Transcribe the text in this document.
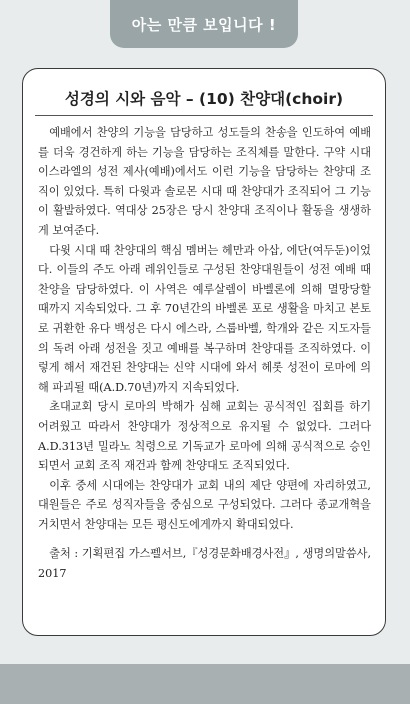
아는 만큼 보입니다 !
성경의 시와 음악 – (10) 찬양대(choir)

예배에서 찬양의 기능을 담당하고 성도들의 찬송을 인도하여 예배를 더욱 경건하게 하는 기능을 담당하는 조직체를 말한다. 구약 시대 이스라엘의 성전 제사(예배)에서도 이런 기능을 담당하는 찬양대 조직이 있었다. 특히 다윗과 솔로몬 시대 때 찬양대가 조직되어 그 기능이 활발하였다. 역대상 25장은 당시 찬양대 조직이나 활동을 생생하게 보여준다.

다윗 시대 때 찬양대의 핵심 멤버는 헤만과 아삽, 에단(여두둔)이었다. 이들의 주도 아래 레위인들로 구성된 찬양대원들이 성전 예배 때 찬양을 담당하였다. 이 사역은 예루살렘이 바벨론에 의해 멸망당할 때까지 지속되었다. 그 후 70년간의 바벨론 포로 생활을 마치고 본토로 귀환한 유다 백성은 다시 에스라, 스룹바벨, 학개와 같은 지도자들의 독려 아래 성전을 짓고 예배를 복구하며 찬양대를 조직하였다. 이렇게 해서 재건된 찬양대는 신약 시대에 와서 헤롯 성전이 로마에 의해 파괴될 때(A.D.70년)까지 지속되었다.

초대교회 당시 로마의 박해가 심해 교회는 공식적인 집회를 하기 어려웠고 따라서 찬양대가 정상적으로 유지될 수 없었다. 그러다 A.D.313년 밀라노 칙령으로 기독교가 로마에 의해 공식적으로 승인되면서 교회 조직 재건과 함께 찬양대도 조직되었다.

이후 중세 시대에는 찬양대가 교회 내의 제단 양편에 자리하였고, 대원들은 주로 성직자들을 중심으로 구성되었다. 그러다 종교개혁을 거치면서 찬양대는 모든 평신도에게까지 확대되었다.

출처 : 기획편집 가스펠서브,『성경문화배경사전』, 생명의말씀사, 2017
